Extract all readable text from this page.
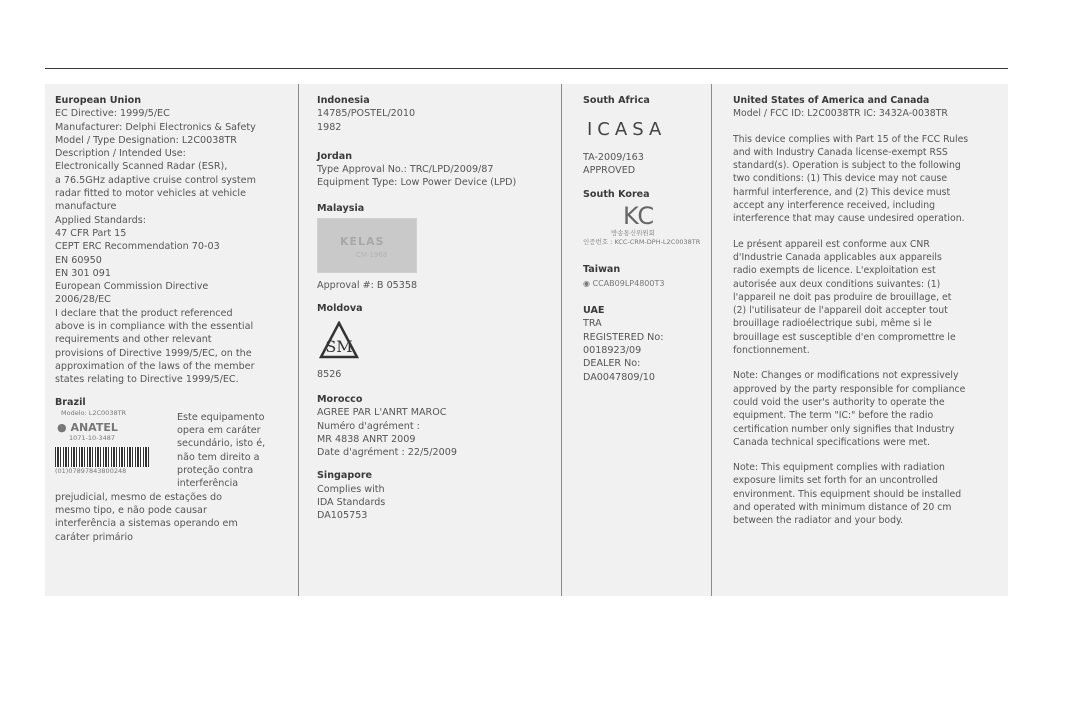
European Union

EC Directive: 1999/5/EC

Manufacturer: Delphi Electronics & Safety

Model / Type Designation: L2C0038TR

Description / Intended Use:

Electronically Scanned Radar (ESR),

a 76.5GHz adaptive cruise control system

radar fitted to motor vehicles at vehicle

manufacture

Applied Standards:

47 CFR Part 15

CEPT ERC Recommendation 70-03

EN 60950

EN 301 091

European Commission Directive

2006/28/EC

I declare that the product referenced

above is in compliance with the essential

requirements and other relevant

provisions of Directive 1999/5/EC, on the

approximation of the laws of the member

states relating to Directive 1999/5/EC.

Brazil

Modelo: L2C0038TR
● ANATEL
1071-10-3487
(01)07897843800248

Este equipamento

opera em caráter

secundário, isto é,

não tem direito a

proteção contra

interferência

prejudicial, mesmo de estações do

mesmo tipo, e não pode causar

interferência a sistemas operando em

caráter primário

Indonesia

14785/POSTEL/2010

1982

Jordan

Type Approval No.: TRC/LPD/2009/87

Equipment Type: Low Power Device (LPD)

Malaysia

KELAS
CM-1968

Approval #: B 05358

Moldova

SM

8526

Morocco

AGREE PAR L'ANRT MAROC

Numéro d'agrément :

MR 4838 ANRT 2009

Date d'agrément : 22/5/2009

Singapore

Complies with

IDA Standards

DA105753

South Africa

ICASA

TA-2009/163

APPROVED

South Korea

KC
방송통신위원회
인증번호 : KCC-CRM-DPH-L2C0038TR

Taiwan

◉ CCAB09LP4800T3

UAE

TRA

REGISTERED No:

0018923/09

DEALER No:

DA0047809/10

United States of America and Canada

Model / FCC ID: L2C0038TR IC: 3432A-0038TR

This device complies with Part 15 of the FCC Rules

and with Industry Canada license-exempt RSS

standard(s). Operation is subject to the following

two conditions: (1) This device may not cause

harmful interference, and (2) This device must

accept any interference received, including

interference that may cause undesired operation.

Le présent appareil est conforme aux CNR

d'Industrie Canada applicables aux appareils

radio exempts de licence. L'exploitation est

autorisée aux deux conditions suivantes: (1)

l'appareil ne doit pas produire de brouillage, et

(2) l'utilisateur de l'appareil doit accepter tout

brouillage radioélectrique subi, même si le

brouillage est susceptible d'en compromettre le

fonctionnement.

Note: Changes or modifications not expressively

approved by the party responsible for compliance

could void the user's authority to operate the

equipment. The term "IC:" before the radio

certification number only signifies that Industry

Canada technical specifications were met.

Note: This equipment complies with radiation

exposure limits set forth for an uncontrolled

environment. This equipment should be installed

and operated with minimum distance of 20 cm

between the radiator and your body.
